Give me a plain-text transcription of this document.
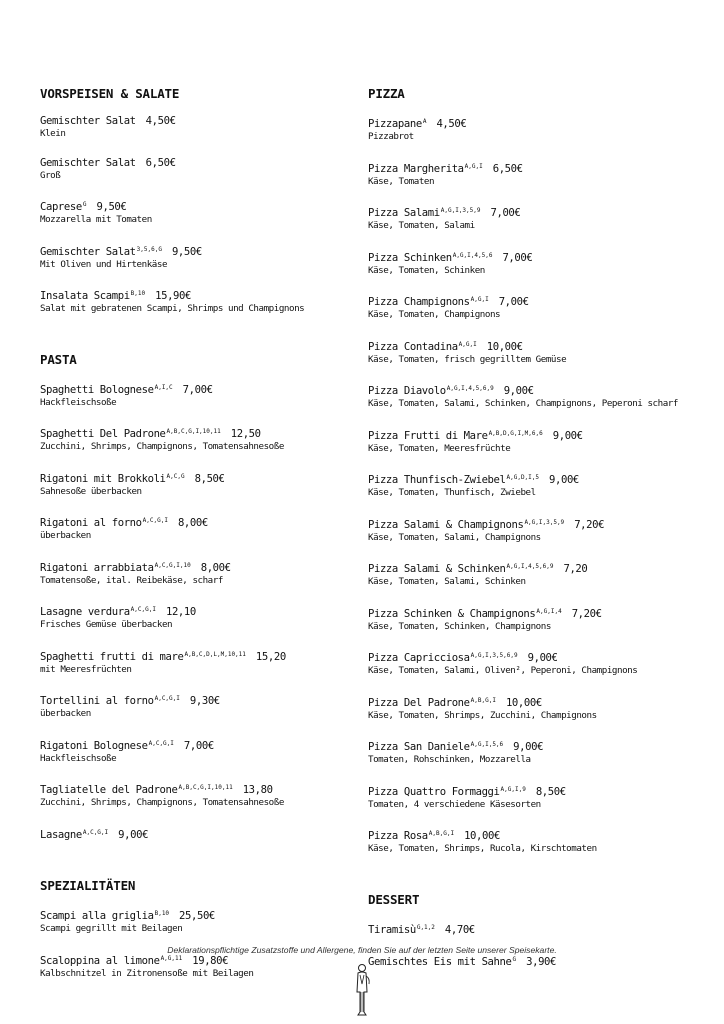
VORSPEISEN & SALATE
Gemischter Salat 4,50€
Klein
Gemischter Salat 6,50€
Groß
Caprese$^G$ 9,50€
Mozzarella mit Tomaten
Gemischter Salat$^{3,5,6,G}$ 9,50€
Mit Oliven und Hirtenkäse
Insalata Scampi$^{B,10}$ 15,90€
Salat mit gebratenen Scampi, Shrimps und Champignons
PASTA
Spaghetti Bolognese$^{A,I,C}$ 7,00€
Hackfleischsoße
Spaghetti Del Padrone$^{A,B,C,G,I,10,11}$ 12,50
Zucchini, Shrimps, Champignons, Tomatensahnesoße
Rigatoni mit Brokkoli$^{A,C,G}$ 8,50€
Sahnesoße überbacken
Rigatoni al forno$^{A,C,G,I}$ 8,00€
überbacken
Rigatoni arrabbiata$^{A,C,G,I,10}$ 8,00€
Tomatensoße, ital. Reibekäse, scharf
Lasagne verdura$^{A,C,G,I}$ 12,10
Frisches Gemüse überbacken
Spaghetti frutti di mare$^{A,B,C,D,L,M,10,11}$ 15,20
mit Meeresfrüchten
Tortellini al forno$^{A,C,G,I}$ 9,30€
überbacken
Rigatoni Bolognese$^{A,C,G,I}$ 7,00€
Hackfleischsoße
Tagliatelle del Padrone$^{A,B,C,G,I,10,11}$ 13,80
Zucchini, Shrimps, Champignons, Tomatensahnesoße
Lasagne$^{A,C,G,I}$ 9,00€
SPEZIALITÄTEN
Scampi alla griglia$^{B,10}$ 25,50€
Scampi gegrillt mit Beilagen
Scaloppina al limone$^{A,G,11}$ 19,80€
Kalbschnitzel in Zitronensoße mit Beilagen
PIZZA
Pizzapane$^A$ 4,50€
Pizzabrot
Pizza Margherita$^{A,G,I}$ 6,50€
Käse, Tomaten
Pizza Salami$^{A,G,I,3,5,9}$ 7,00€
Käse, Tomaten, Salami
Pizza Schinken$^{A,G,I,4,5,6}$ 7,00€
Käse, Tomaten, Schinken
Pizza Champignons$^{A,G,I}$ 7,00€
Käse, Tomaten, Champignons
Pizza Contadina$^{A,G,I}$ 10,00€
Käse, Tomaten, frisch gegrilltem Gemüse
Pizza Diavolo$^{A,G,I,4,5,6,9}$ 9,00€
Käse, Tomaten, Salami, Schinken, Champignons, Peperoni scharf
Pizza Frutti di Mare$^{A,B,D,G,I,M,6,6}$ 9,00€
Käse, Tomaten, Meeresfrüchte
Pizza Thunfisch-Zwiebel$^{A,G,D,I,5}$ 9,00€
Käse, Tomaten, Thunfisch, Zwiebel
Pizza Salami & Champignons$^{A,G,I,3,5,9}$ 7,20€
Käse, Tomaten, Salami, Champignons
Pizza Salami & Schinken$^{A,G,I,4,5,6,9}$ 7,20
Käse, Tomaten, Salami, Schinken
Pizza Schinken & Champignons$^{A,G,I,4}$ 7,20€
Käse, Tomaten, Schinken, Champignons
Pizza Capricciosa$^{A,G,I,3,5,6,9}$ 9,00€
Käse, Tomaten, Salami, Oliven², Peperoni, Champignons
Pizza Del Padrone$^{A,B,G,I}$ 10,00€
Käse, Tomaten, Shrimps, Zucchini, Champignons
Pizza San Daniele$^{A,G,I,5,6}$ 9,00€
Tomaten, Rohschinken, Mozzarella
Pizza Quattro Formaggi$^{A,G,I,9}$ 8,50€
Tomaten, 4 verschiedene Käsesorten
Pizza Rosa$^{A,B,G,I}$ 10,00€
Käse, Tomaten, Shrimps, Rucola, Kirschtomaten
DESSERT
Tiramisù$^{G,1,2}$ 4,70€
Gemischtes Eis mit Sahne$^G$ 3,90€
Deklarationspflichtige Zusatzstoffe und Allergene, finden Sie auf der letzten Seite unserer Speisekarte.
